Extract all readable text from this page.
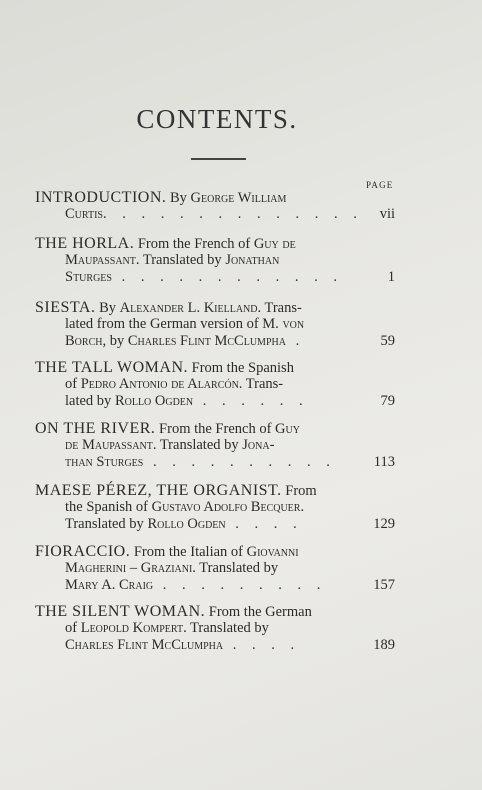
CONTENTS.
PAGE
INTRODUCTION. By George William
Curtis. . . . . . . . . . . . . . vii
THE HORLA. From the French of Guy de
Maupassant. Translated by Jonathan
Sturges . . . . . . . . . . . .	1
SIESTA. By Alexander L. Kielland. Trans-
lated from the German version of M. von
Borch, by Charles Flint McClumpha .	59
THE TALL WOMAN. From the Spanish
of Pedro Antonio de Alarcón. Trans-
lated by Rollo Ogden . . . . . .	79
ON THE RIVER. From the French of Guy
de Maupassant. Translated by Jona-
than Sturges . . . . . . . . . .	113
MAESE PÉREZ, THE ORGANIST. From
the Spanish of Gustavo Adolfo Becquer.
Translated by Rollo Ogden . . . .	129
FIORACCIO. From the Italian of Giovanni
Magherini – Graziani. Translated by
Mary A. Craig . . . . . . . . .	157
THE SILENT WOMAN. From the German
of Leopold Kompert. Translated by
Charles Flint McClumpha . . . .	189
